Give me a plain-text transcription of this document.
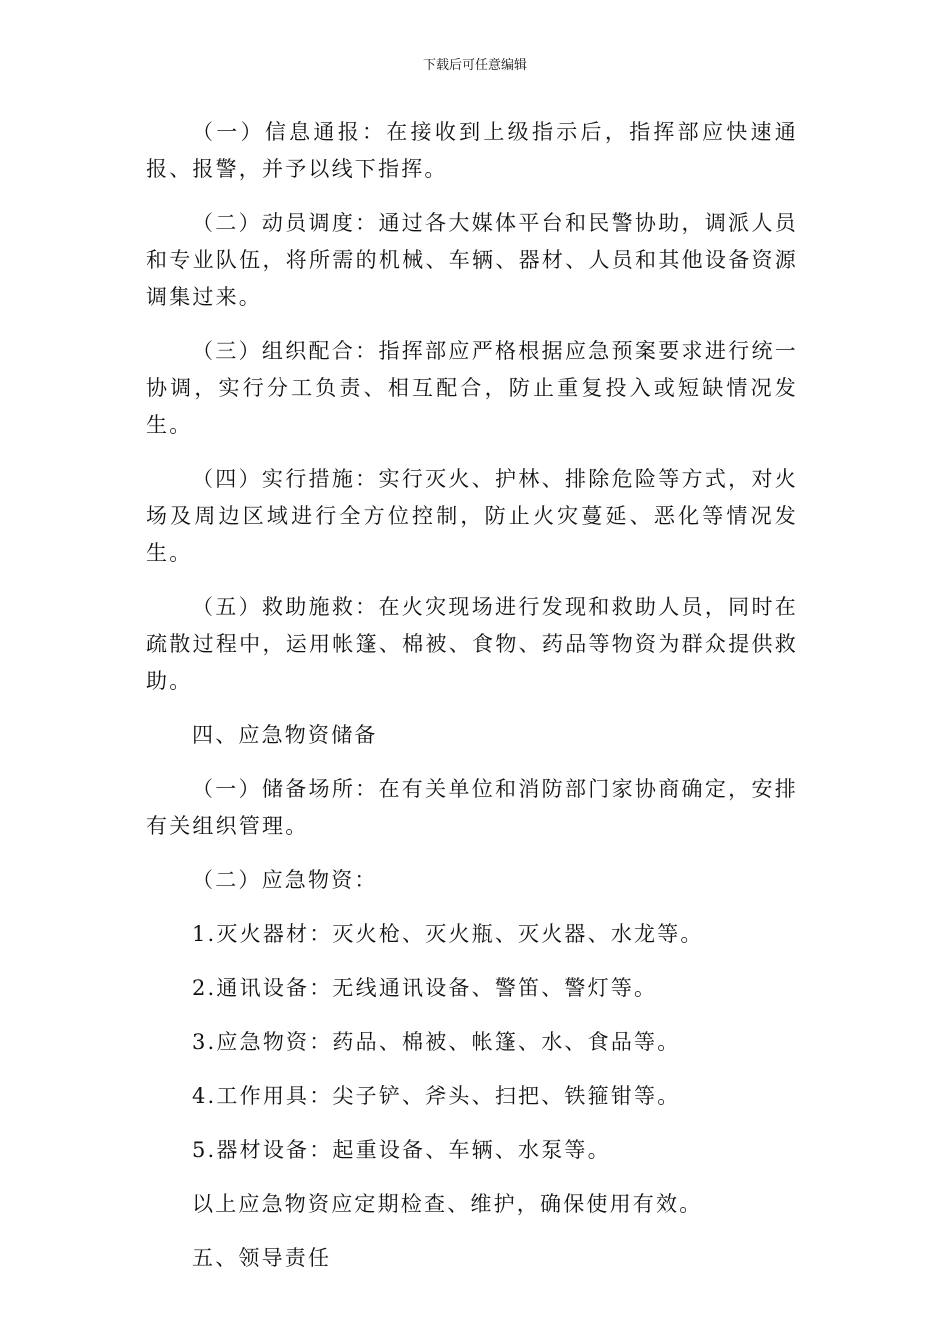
下载后可任意编辑

（一）信息通报：在接收到上级指示后，指挥部应快速通报、报警，并予以线下指挥。

（二）动员调度：通过各大媒体平台和民警协助，调派人员和专业队伍，将所需的机械、车辆、器材、人员和其他设备资源调集过来。

（三）组织配合：指挥部应严格根据应急预案要求进行统一协调，实行分工负责、相互配合，防止重复投入或短缺情况发生。

（四）实行措施：实行灭火、护林、排除危险等方式，对火场及周边区域进行全方位控制，防止火灾蔓延、恶化等情况发生。

（五）救助施救：在火灾现场进行发现和救助人员，同时在疏散过程中，运用帐篷、棉被、食物、药品等物资为群众提供救助。

四、应急物资储备

（一）储备场所：在有关单位和消防部门家协商确定，安排有关组织管理。

（二）应急物资：

1.灭火器材：灭火枪、灭火瓶、灭火器、水龙等。

2.通讯设备：无线通讯设备、警笛、警灯等。

3.应急物资：药品、棉被、帐篷、水、食品等。

4.工作用具：尖子铲、斧头、扫把、铁箍钳等。

5.器材设备：起重设备、车辆、水泵等。

以上应急物资应定期检查、维护，确保使用有效。

五、领导责任
